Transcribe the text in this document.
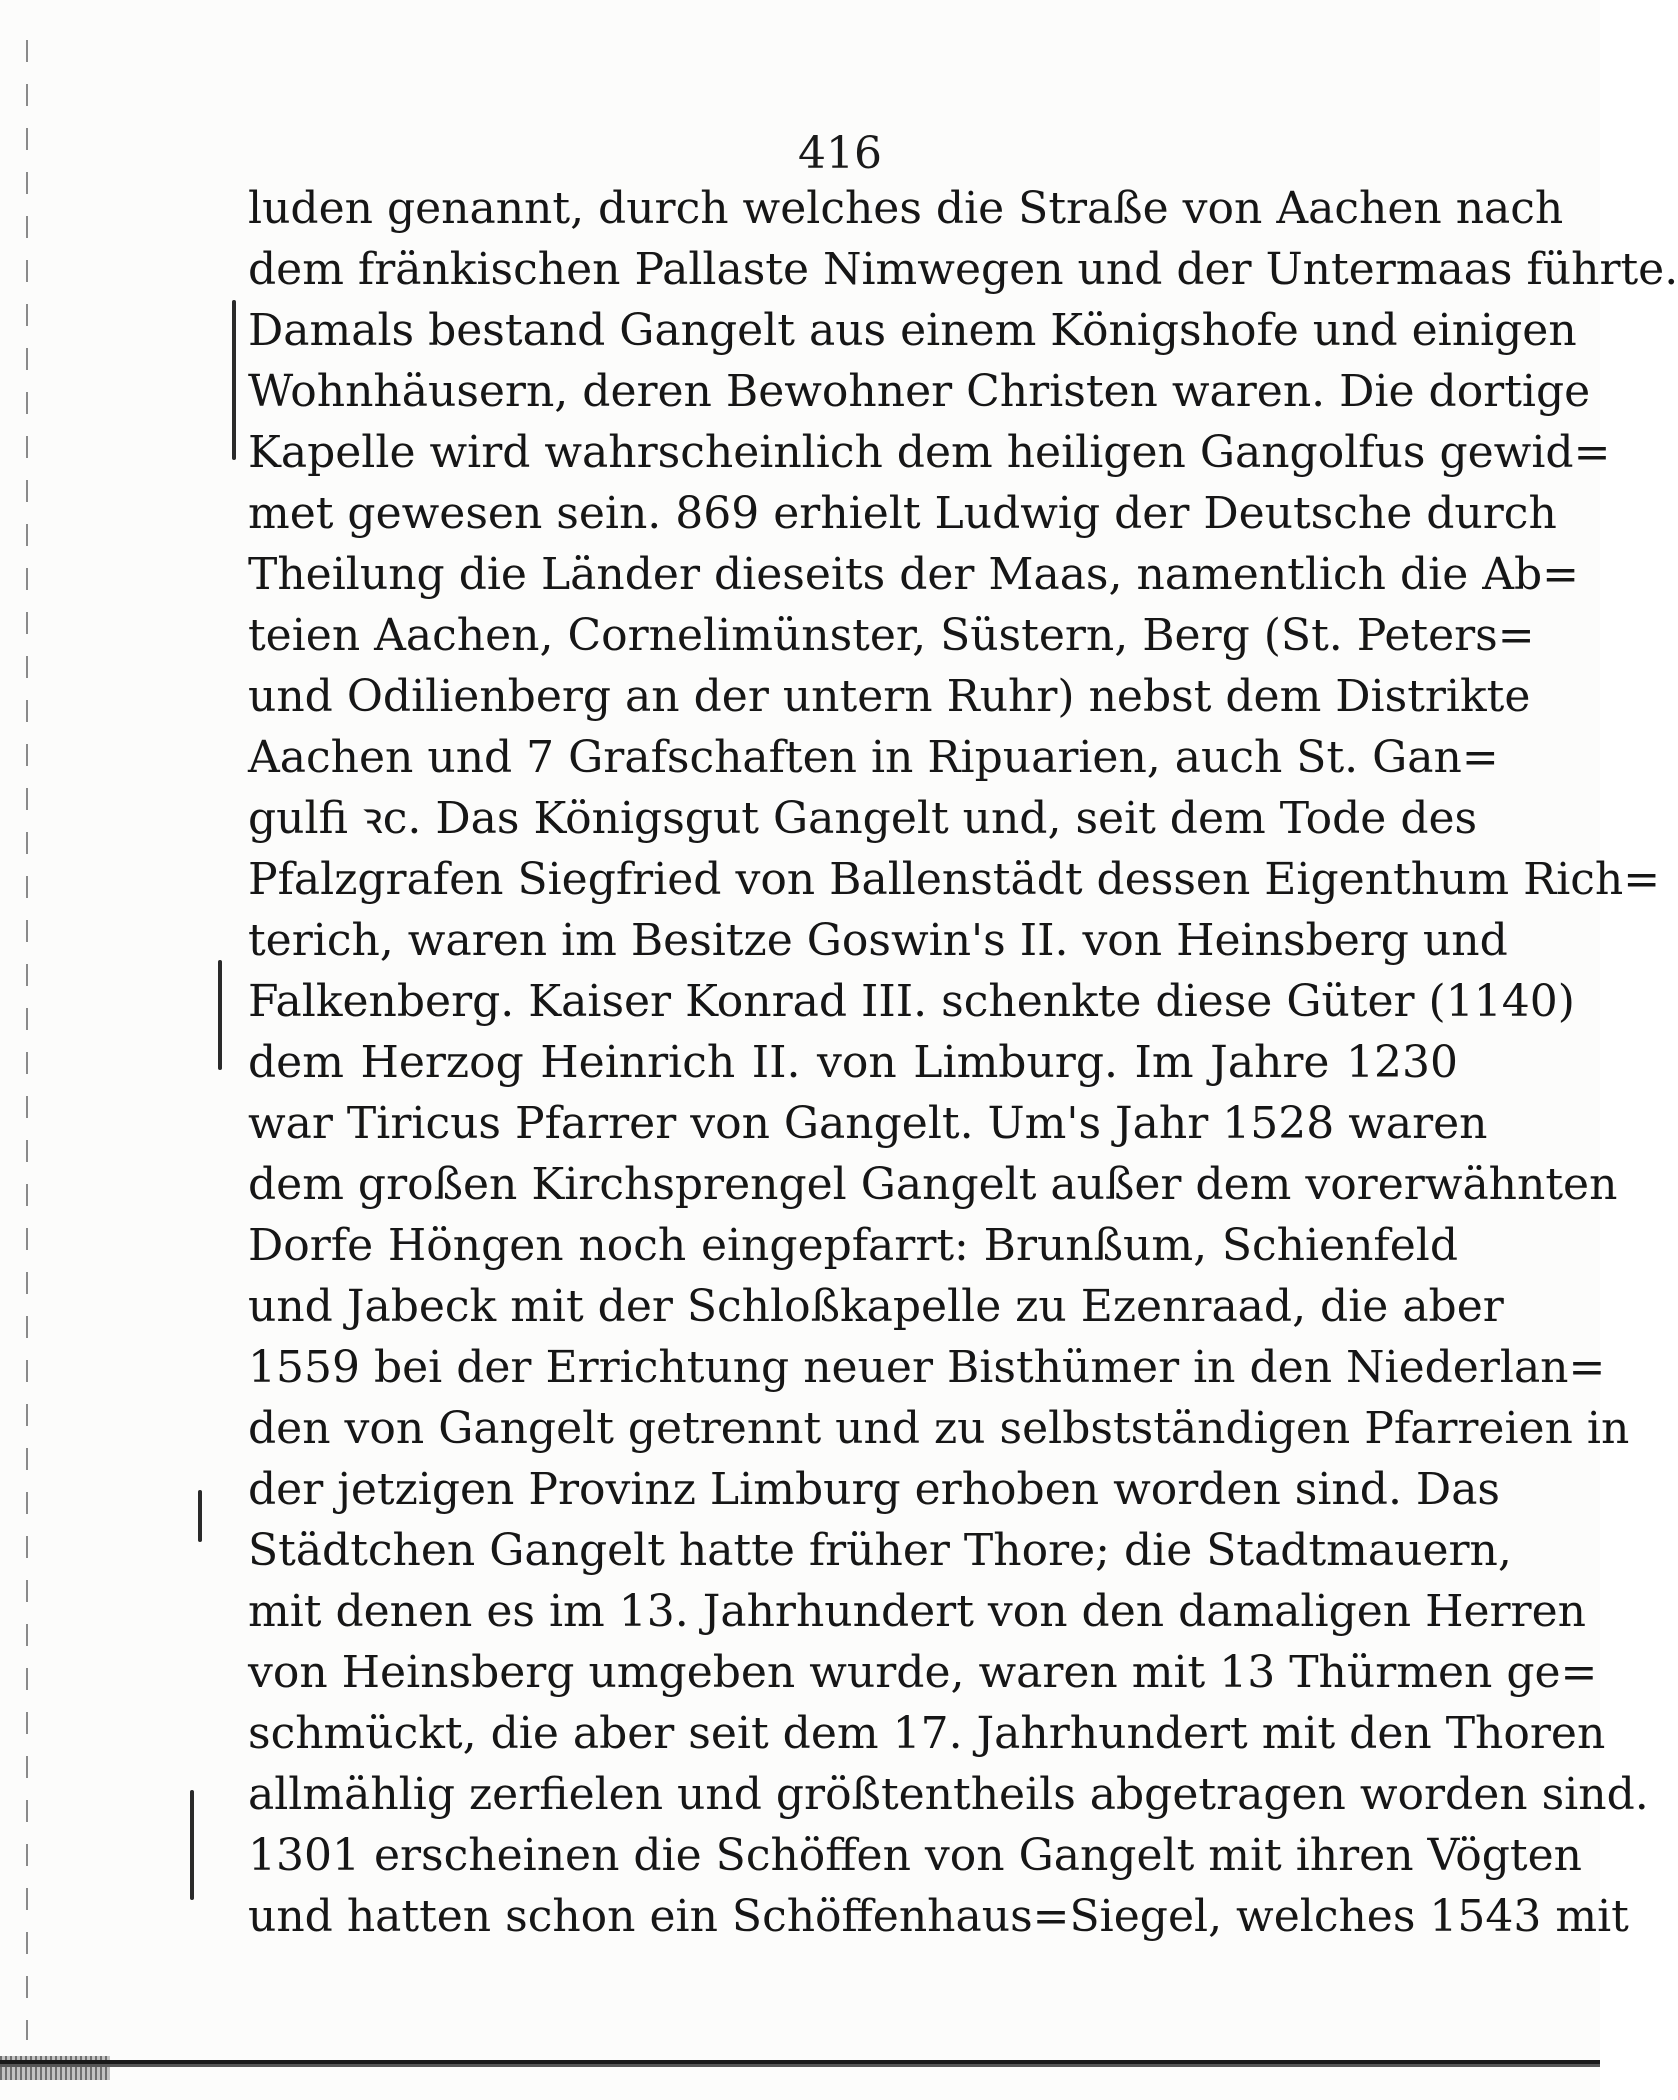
416
luden genannt, durch welches die Straße von Aachen nach
dem fränkischen Pallaste Nimwegen und der Untermaas führte.
Damals bestand Gangelt aus einem Königshofe und einigen
Wohnhäusern, deren Bewohner Christen waren. Die dortige
Kapelle wird wahrscheinlich dem heiligen Gangolfus gewid=
met gewesen sein. 869 erhielt Ludwig der Deutsche durch
Theilung die Länder dieseits der Maas, namentlich die Ab=
teien Aachen, Cornelimünster, Süstern, Berg (St. Peters=
und Odilienberg an der untern Ruhr) nebst dem Distrikte
Aachen und 7 Grafschaften in Ripuarien, auch St. Gan=
gulfi ꝛc. Das Königsgut Gangelt und, seit dem Tode des
Pfalzgrafen Siegfried von Ballenstädt dessen Eigenthum Rich=
terich, waren im Besitze Goswin's II. von Heinsberg und
Falkenberg. Kaiser Konrad III. schenkte diese Güter (1140)
dem Herzog Heinrich II. von Limburg. Im Jahre 1230
war Tiricus Pfarrer von Gangelt. Um's Jahr 1528 waren
dem großen Kirchsprengel Gangelt außer dem vorerwähnten
Dorfe Höngen noch eingepfarrt: Brunßum, Schienfeld
und Jabeck mit der Schloßkapelle zu Ezenraad, die aber
1559 bei der Errichtung neuer Bisthümer in den Niederlan=
den von Gangelt getrennt und zu selbstständigen Pfarreien in
der jetzigen Provinz Limburg erhoben worden sind. Das
Städtchen Gangelt hatte früher Thore; die Stadtmauern,
mit denen es im 13. Jahrhundert von den damaligen Herren
von Heinsberg umgeben wurde, waren mit 13 Thürmen ge=
schmückt, die aber seit dem 17. Jahrhundert mit den Thoren
allmählig zerfielen und größtentheils abgetragen worden sind.
1301 erscheinen die Schöffen von Gangelt mit ihren Vögten
und hatten schon ein Schöffenhaus=Siegel, welches 1543 mit
